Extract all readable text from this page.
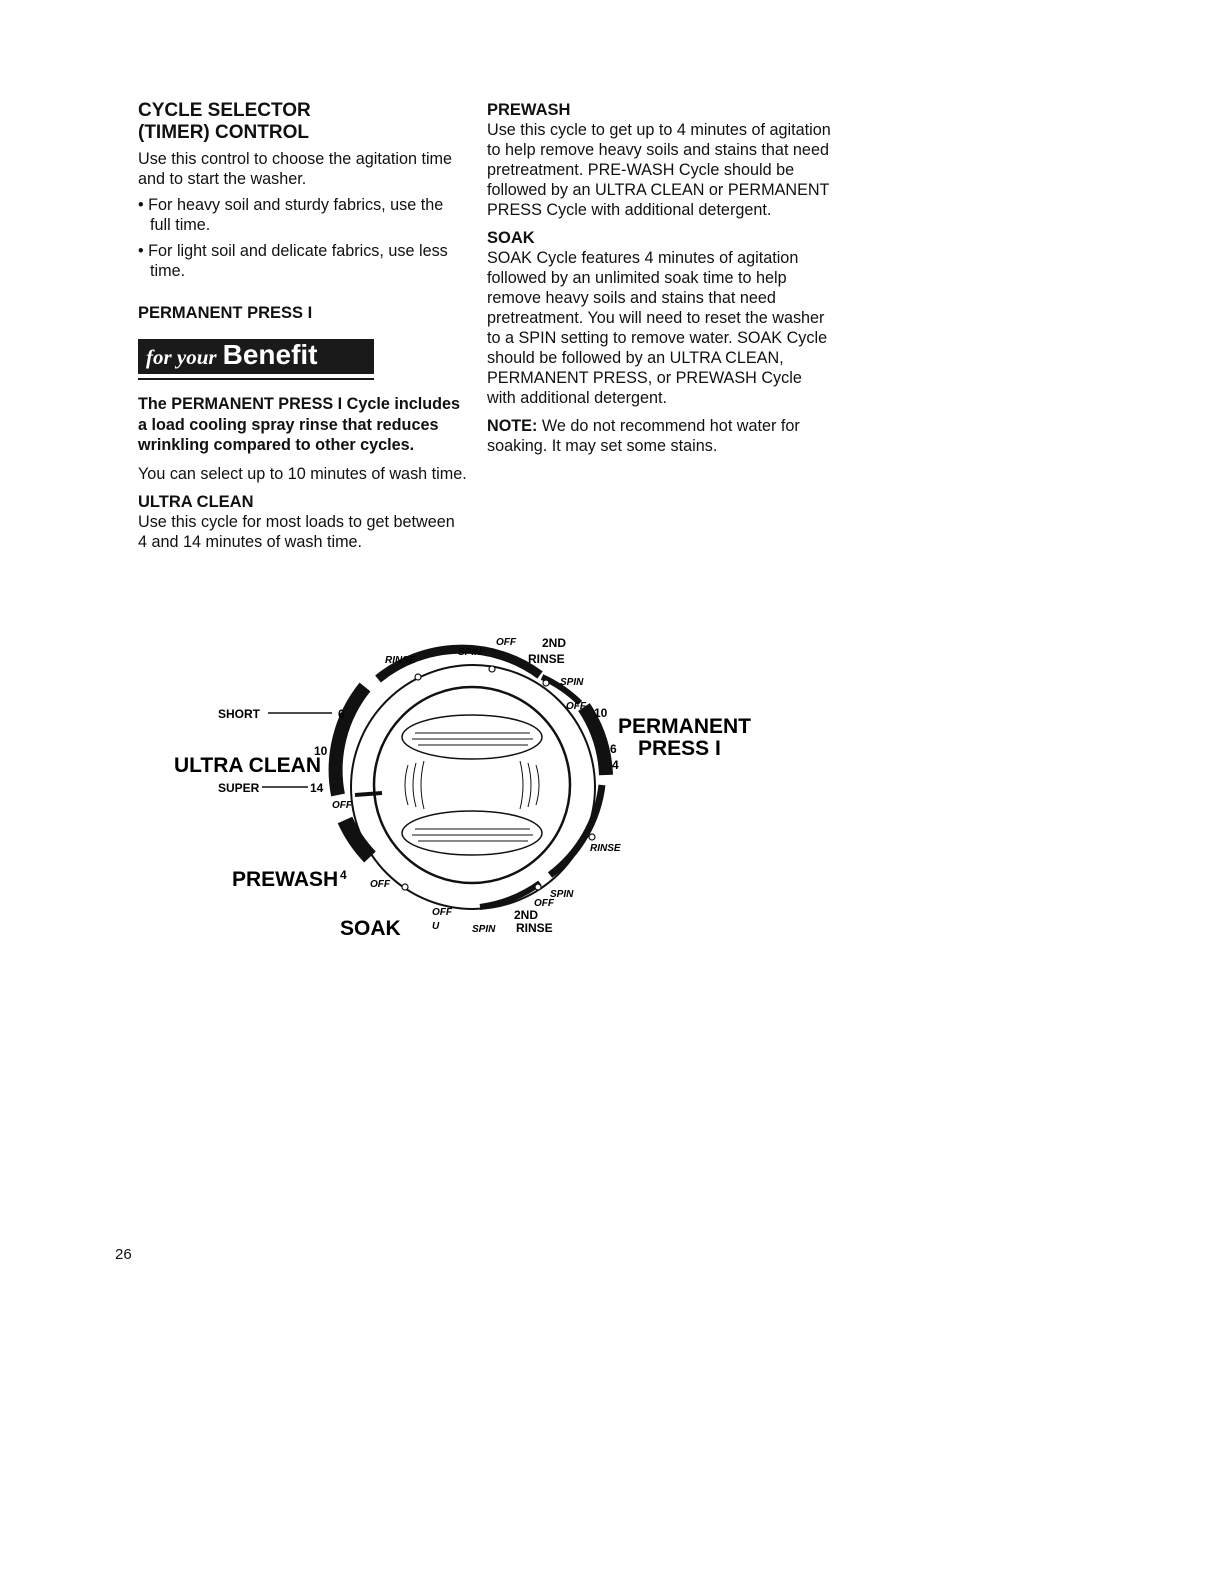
CYCLE SELECTOR
(TIMER) CONTROL

Use this control to choose the agitation time and to start the washer.

• For heavy soil and sturdy fabrics, use the full time.
• For light soil and delicate fabrics, use less time.

PERMANENT PRESS I

for your Benefit

The PERMANENT PRESS I Cycle includes a load cooling spray rinse that reduces wrinkling compared to other cycles.

You can select up to 10 minutes of wash time.

ULTRA CLEAN

Use this cycle for most loads to get between 4 and 14 minutes of wash time.

PREWASH

Use this cycle to get up to 4 minutes of agitation to help remove heavy soils and stains that need pretreatment. PRE-WASH Cycle should be followed by an ULTRA CLEAN or PERMANENT PRESS Cycle with additional detergent.

SOAK

SOAK Cycle features 4 minutes of agitation followed by an unlimited soak time to help remove heavy soils and stains that need pretreatment. You will need to reset the washer to a SPIN setting to remove water. SOAK Cycle should be followed by an ULTRA CLEAN, PERMANENT PRESS, or PREWASH Cycle with additional detergent.

NOTE: We do not recommend hot water for soaking. It may set some stains.

SHORT	6
10
ULTRA CLEAN
SUPER	14
OFF
RINSE
SPIN
OFF 2ND
RINSE
SPIN
OFF 10
PERMANENT
6 PRESS I
4
RINSE
SPIN
OFF
2ND
RINSE
SPIN
OFF
U
SOAK
OFF
PREWASH 4
26
